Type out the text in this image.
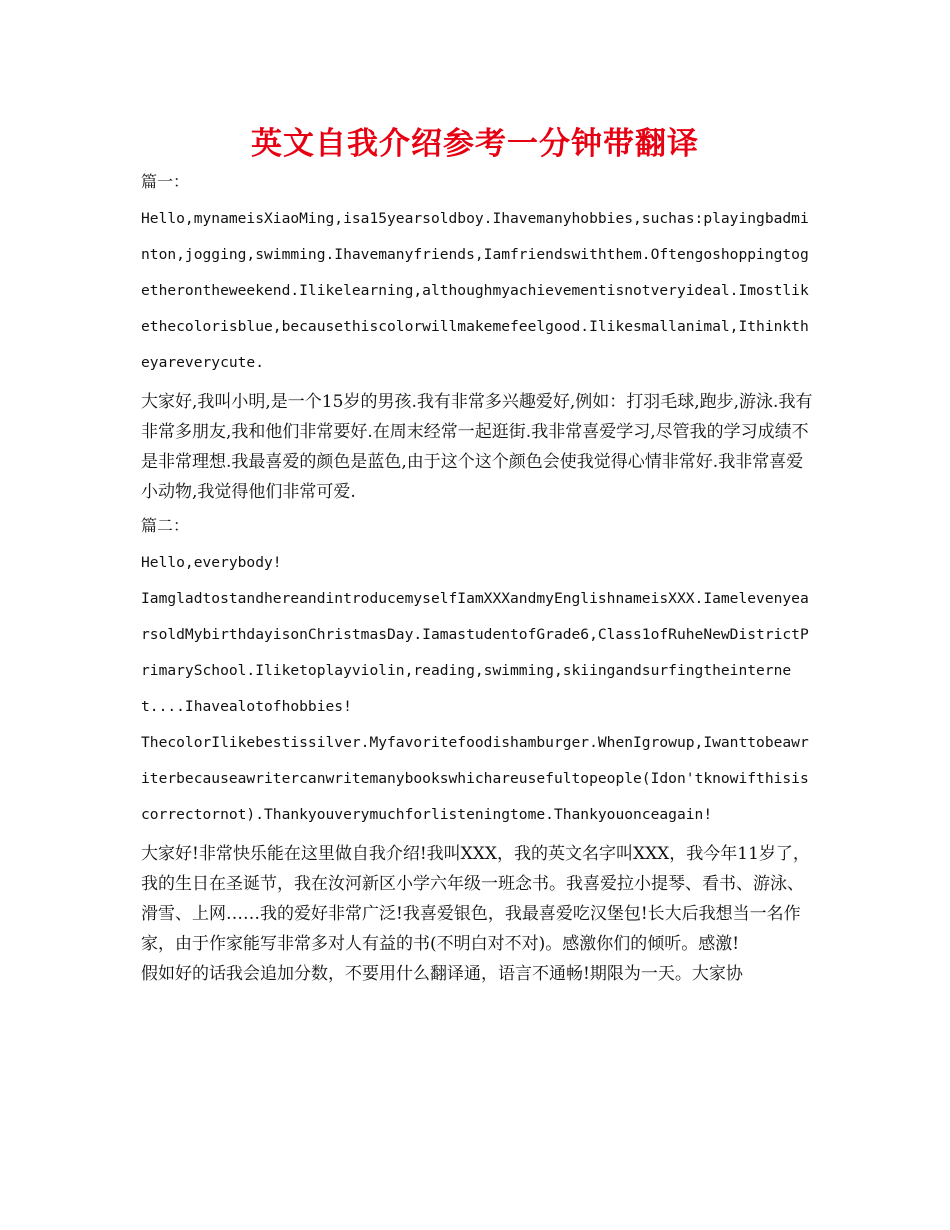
英文自我介绍参考一分钟带翻译

篇一：

Hello,mynameisXiaoMing,isa15yearsoldboy.Ihavemanyhobbies,suchas:playingbadminton,jogging,swimming.Ihavemanyfriends,Iamfriendswiththem.Oftengoshoppingtogetherontheweekend.Ilikelearning,althoughmyachievementisnotveryideal.Imostlikethecolorisblue,becausethiscolorwillmakemefeelgood.Ilikesmallanimal,Ithinktheyareverycute.

大家好,我叫小明,是一个15岁的男孩.我有非常多兴趣爱好,例如：打羽毛球,跑步,游泳.我有非常多朋友,我和他们非常要好.在周末经常一起逛街.我非常喜爱学习,尽管我的学习成绩不是非常理想.我最喜爱的颜色是蓝色,由于这个这个颜色会使我觉得心情非常好.我非常喜爱小动物,我觉得他们非常可爱.

篇二：

Hello,everybody!

IamgladtostandhereandintroducemyselfIamXXXandmyEnglishnameisXXX.IamelevenyearsoldMybirthdayisonChristmasDay.IamastudentofGrade6,Class1ofRuheNewDistrictPrimarySchool.Iliketoplayviolin,reading,swimming,skiingandsurfingtheinternet....Ihavealotofhobbies!

ThecolorIlikebestissilver.Myfavoritefoodishamburger.WhenIgrowup,Iwanttobeawriterbecauseawritercanwritemanybookswhichareusefultopeople(Idon'tknowifthisiscorrectornot).Thankyouverymuchforlisteningtome.Thankyouonceagain!

大家好!非常快乐能在这里做自我介绍!我叫XXX，我的英文名字叫XXX，我今年11岁了，我的生日在圣诞节，我在汝河新区小学六年级一班念书。我喜爱拉小提琴、看书、游泳、滑雪、上网……我的爱好非常广泛!我喜爱银色，我最喜爱吃汉堡包!长大后我想当一名作家，由于作家能写非常多对人有益的书(不明白对不对)。感激你们的倾听。感激!

假如好的话我会追加分数，不要用什么翻译通，语言不通畅!期限为一天。大家协
